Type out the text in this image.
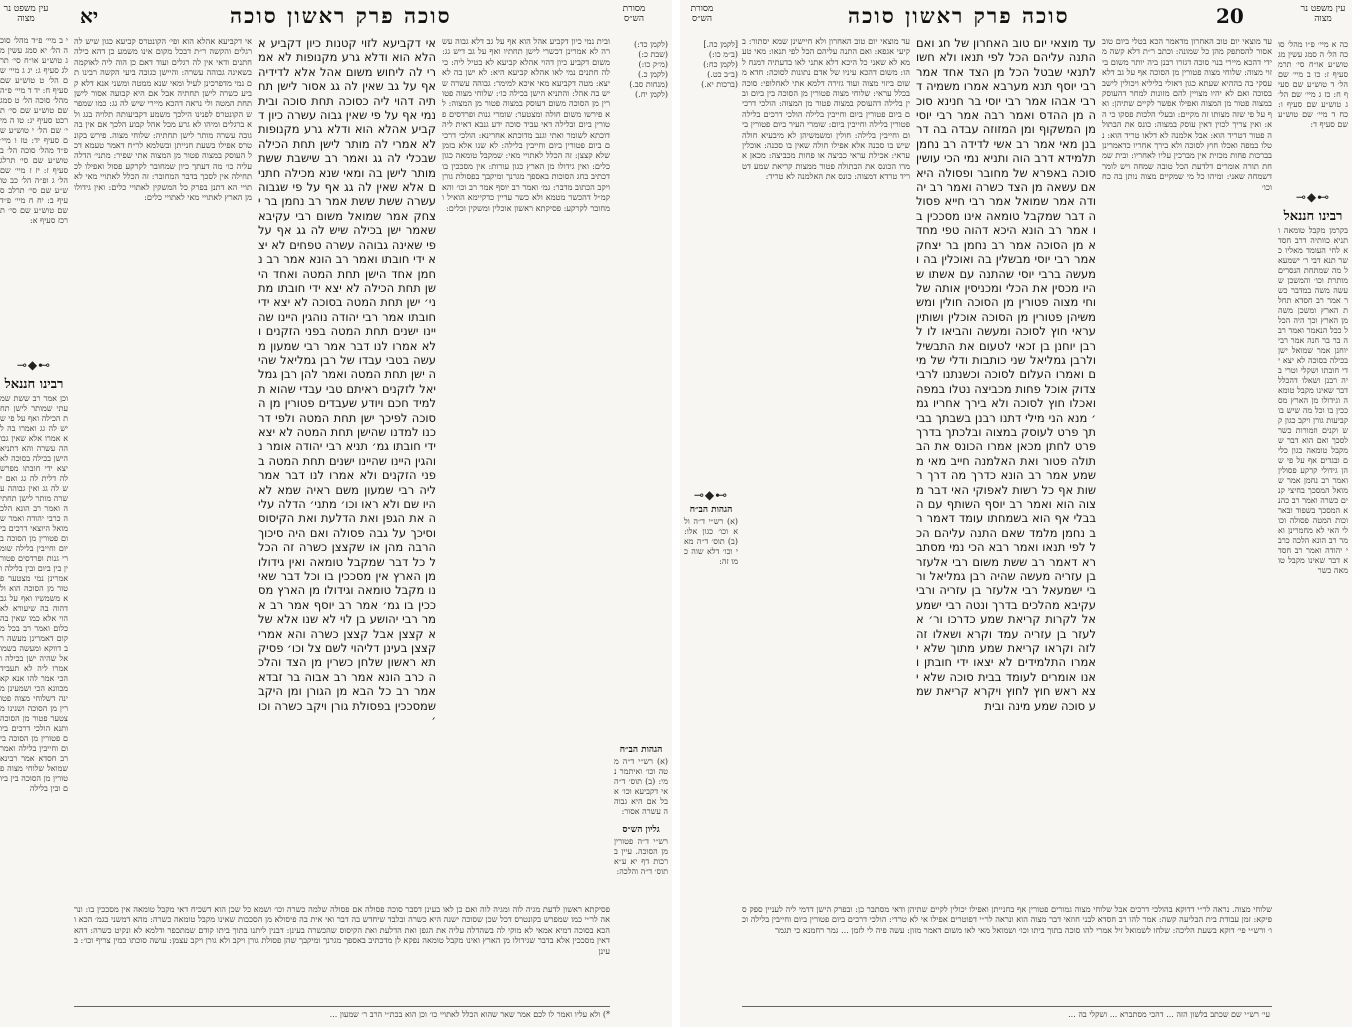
עין משפט נר מצוה	יא	סוכה פרק ראשון סוכה	מסורת הש״ס
י ב מיי׳ פ״ד מהל׳ סוכה הל׳ יא סמג עשין מג טוש״ע או״ח סי׳ תרלג סעיף ג: יג ג מיי׳ שם הל׳ ט טוש״ע שם סעיף ח: יד ד מיי׳ פ״ה מהל׳ סוכה הל׳ ט סמג שם טוש״ע שם סי׳ תרכט סעיף יג: טו ה מיי׳ שם הל׳ י טוש״ע שם סעיף יד: טז ו מיי׳ פ״ד מהל׳ סוכה הל׳ ב טוש״ע שם סי׳ תרלג סעיף ז: יז ז מיי׳ שם הל׳ ג ופ״ה הל׳ כב טוש״ע שם סי׳ תרלב סעיף ב: יח ח מיי׳ פ״ד שם טוש״ע שם סי׳ תרכז סעיף א:
⊸◆⊷
רבינו חננאל
וכן אמר רב ששת שמעתי שמותר לישן תחת הכילה ואף על פי שיש לה גג ואמרו בה לא אמרו אלא שאין גבוהה עשרה והא דתניא הישן בכילה בסוכה לא יצא ידי חובתו מפרש לה דלית לה גג ואם יש לה גג ואין גבוהה עשרה מותר לישן תחתיה ואמר רב הונא הלכה כרבי יהודה ואמר שמואל היוצאי דרכים ביום פטורין מן הסוכה ביום וחייבין בלילה שומרי גנות ופרדסים פטורין בין ביום ובין בלילה ואמרינן נמי מצטער פטור מן הסוכה הוא ולא משמשיו ואף על גב דהוה בה שיעורא לא הוי אלא כמו שאין בה כלום ואמר רב בכל מקום דאמרינן מעשה רב דווקא ומעשה בשמואל שהיה ישן בכילה ואמרו ליה לא תעביד הכי אמר להו אנא קא מכוונא הכי ושמעינן מינה דשלוחי מצוה פטורין מן הסוכה ושנינו מצטער פטור מן הסוכה ותנא הולכי דרכים ביום פטורין מן הסוכה ביום וחייבין בלילה ואמר רב חסדא אמר רבינא שמואל שלוחי מצוה פטורין מן הסוכה בין ביום ובין בלילה
אי דקביעא אהלא הוא ופי׳ הקונטרס קביעא כגון שיש לה רגלים והקשה ר״ת דבכל מקום אינו משמע כן דהא כילה חתנים ודאי אין לה רגלים ועוד דאם כן הוה ליה לאוקמה בשאינה גבוהה עשרה: והיישן כגובה ביעי הקשה רבינו תם נמי מדפרכינן לעיל ומאי שנא ממטה ומשני אנא דלא קביע כשרה לישן תחתיה אבל אם היא קבועה אסור לישן תחת המטה ולי נראה דהכא מיירי שיש לה גג: כמו שמפרש הקונטרס לפנינו הילכך משמע דקביעותה תלויה בגג ולא ברגלים ומיהו לא גרע מכל אהל קבוע הלכך אם אין בה גובה עשרה מותר לישן תחתיה: שלוחי מצוה. פירש בקונטרס אפילו בשעת חנייתן ובשלמא לר״ח דאמר טעמא דכל העוסק במצוה פטור מן המצוה אתי שפיר: מתני׳ הדלה עליה כו׳ מה דעתך כיון שמחובר לקרקע פסול ואפילו לכתחילה אין לסכך בדבר המחובר: זה הכלל לאתויי מאי לאתויי הא דתנן בפרק כל המשקין לאתויי כלים: ואין גידולו מן הארץ לאתויי מאי לאתויי כלים:
אי דקביעא לזוי קטנות כיון דקביע אהלא הוא ודלא גרע מקנופות לא אמרי לה ליחוש משום אהל אלא לדידיה אף על גב שאין לה גג אסור לישן תחתיה דהוי ליה כסוכה תחת סוכה ובית נמי אף על פי שאין גבוה עשרה כיון דקביע אהלא הוא ודלא גרע מקנופות לא אמרי לה מותר לישן תחת הכילה שבכלי לה גג ואמר רב שישבת ששת מותר לישן בה ומאי שנא מכילה חתנים אלא שאין לה גג אף על פי שגבוה עשרה ששת ששת אמר רב נחמן בר יצחק אמר שמואל משום רבי עקיבא שאמר ישן בכילה שיש לה גג אף על פי שאינה גבוהה עשרה טפחים לא יצא ידי חובתו ואמר רב הונא אמר רב נחמן אחד הישן תחת המטה ואחד הישן תחת הכילה לא יצא ידי חובתו מתני׳ ישן תחת המטה בסוכה לא יצא ידי חובתו אמר רבי יהודה נוהגין היינו שהיינו ישנים תחת המטה בפני הזקנים ולא אמרו לנו דבר אמר רבי שמעון מעשה בטבי עבדו של רבן גמליאל שהיה ישן תחת המטה ואמר להן רבן גמליאל לזקנים ראיתם טבי עבדי שהוא תלמיד חכם ויודע שעבדים פטורין מן הסוכה לפיכך ישן תחת המטה ולפי דרכנו למדנו שהישן תחת המטה לא יצא ידי חובתו גמ׳ תניא רבי יהודה אומר נוהגין היינו שהיינו ישנים תחת המטה בפני הזקנים ולא אמרו לנו דבר אמר ליה רבי שמעון משם ראיה שמא לא היו שם ולא ראו וכו׳ מתני׳ הדלה עליה את הגפן ואת הדלעת ואת הקיסוס וסיכך על גבה פסולה ואם היה סיכוך הרבה מהן או שקצצן כשרה זה הכלל כל דבר שמקבל טומאה ואין גידולו מן הארץ אין מסככין בו וכל דבר שאינו מקבל טומאה וגידולו מן הארץ מסככין בו גמ׳ אמר רב יוסף אמר רב אמר רבי יהושע בן לוי לא שנו אלא שלא קצצן אבל קצצן כשרה והא אמרי קצצן בעינן דליהוי לשם צל וכו׳ פסיקתא ראשון שלחן כשרין מן הצד והלכה כרב הונא אמר רב אבוה בר זבדא אמר רב כל הבא מן הגורן ומן היקב שמסככין בפסולת גורן ויקב כשרה וכו׳
ובית נמי כיון דקביע אהל הוא אף על גב דלא גבוה עשרה לא אמרינן דכשרי לישן תחתיו ואף על גב דיש גג: משום דקביע כיון דהוי אהלא קביעא לא בטיל ליה: כילה חתנים נמי לאו אהלא קביעא היא: לא ישן בה לא יצא: מטה דקביעא מאי איכא למימר: גבוהה עשרה שיש בה אהל: והתניא הישן בכילה כו׳: שלוחי מצוה פטורין מן הסוכה משום דעוסק במצוה פטור מן המצוה: לא פירשו משום חולה ומצטער: שומרי גנות ופרדסים פטורין ביום ובלילה דאי עביד סוכה ידע גנבא דאית ליה דוכתא לשומר ואתי וגנב מדוכתא אחרינא: הולכי דרכים ביום פטורין ביום וחייבין בלילה: לא שנו אלא בזמן שלא קצצן: זה הכלל לאתויי מאי: שמקבל טומאה כגון כלים: ואין גידולו מן הארץ כגון עורות: אין מסככין בו דכתיב בחג הסוכות באספך מגרנך ומיקבך בפסולת גורן ויקב הכתוב מדבר: גמ׳ ואמר רב יוסף אמר רב וכו׳ והא קמ״ל דהכשר מטמא ולא כשר עדיין כדקיימא הואיל ומחובר לקרקע: פסיקתא ראשון אוכלין ומשקין וכלים:
(לקמן כד:)
(שבת כ:)
(מ״ק כו:)
(לקמן כ.)
(מנחות סב.)
(לקמן יח.)
הגהות הב״ח
(א) רש״י ד״ה מטה וכו׳ ואיתמר נמי: (ב) תוס׳ ד״ה אי דקביעא וכו׳ אבל אם היא גבוהה עשרה אסור:
גליון הש״ס
רש״י ד״ה פטורין מן הסוכה. עיין ברכות דף יא ע״א תוס׳ ד״ה והלכה:
פסיקתא ראשון לדעת מגיה לוה ומגיה לוה ואם כן לאו בעינן דסבר סוכה פסולה אם פסולה שלמה כשרה וכו׳ ושמא כל שכן הוא דשכיח דאי מקבל טומאה אין מסככין בו: ונראה לר״י כמו שמפרש בקונטרס דכל שכן שסוכה ישנה היא כשרה ובלבד שיחדש בה דבר ואי אית בה פיסולא מן הסככות שאינו מקבל טומאה כשרה: מהא דמשני בגמ׳ הכא והכא בסוכה דמיא אמאי לא מוקי לה בשהדלה עליה את הגפן ואת הדלעת ואת הקיסוס שהכשרה בעינן: דבנין ליתנו בתוך ביתו קודם שמתכפר ודלמא לא ונקיט כשרה: דהא דאין מסככין אלא בדבר שגידולו מן הארץ ואינו מקבל טומאה נפקא לן מדכתיב באספך מגרנך ומיקבך שהן פסולת גורן ויקב ולא גורן ויקב עצמן: עושה סוכתו כמין צריף וכו׳: בעינן
*) ולא עליו ואמר לו לכם אמר שאר שהוא הכלל לאתויי כו׳ וכן הוא בכת״י הרב ר׳ שמעון ...
מסורת הש״ס	סוכה פרק ראשון סוכה	20	עין משפט נר מצוה
[לקמן כה.]
(ב״מ כו:)
(לקמן כח:)
(ב״ב כט.)
(ברכות יא.)
⊸◆⊷
הגהות הב״ח
(א) רש״י ד״ה ולא וכו׳ כגון אלו: (ב) תוס׳ ד״ה מאי וכו׳ דלא שוה כמו זה:
עד מוצאי יום טוב האחרון ולא חיישינן שמא יסתור: בקיעי אגפא: ואם התנה עליהם הכל לפי תנאו: מאי טעמא לא שאני כל היכא דלא אתני לאו בדעתיה דמנח להו: משום דהכא עיניו של אדם נתונות לסוכה: חדא משום ביזוי מצוה ועוד גזירה דלמא אתי לאחלופי: סוכה בכלל עראי: שלוחי מצוה פטורין מן הסוכה בין ביום ובין בלילה דהעוסק במצוה פטור מן המצוה: הולכי דרכים ביום פטורין ביום וחייבין בלילה הולכי דרכים בלילה פטורין בלילה וחייבין ביום: שומרי העיר ביום פטורין ביום וחייבין בלילה: חולין ומשמשיהן לא מיבעיא חולה שיש בו סכנה אלא אפילו חולה שאין בו סכנה: אוכלין עראי: אכילת עראי כביצה או פחות מכביצה: מכאן אמרו הכונס את הבתולה פטור ממצות קריאת שמע דטריד טרדא דמצוה: כונס את האלמנה לא טריד:
עד מוצאי יום טוב האחרון של חג ואם התנה עליהם הכל לפי תנאו ולא חשו לתנאי שבטל הכל מן הצד אחד אמר רבי יוסף תנא מערבא אמרו משמיה דרבי אבהו אמר רבי יוסי בר חנינא סוכה מן ההדס ואמר רבה אמר רבי יוסי מן המשקוף ומן המזוזה עבדה בה דרבנן מאי אמר רב אשי לדידה רב נחמן תלמידא דרב הוה ותניא נמי הכי עושין סוכה באפרא של מחובר ופסולה היא אם עשאה מן הצד כשרה ואמר רב יהודה אמר שמואל אמר רבי חייא פסולה דבר שמקבל טומאה אינו מסככין בו אמר רב הונא היכא דהוה טפי מחדא מן הסוכה אמר רב נחמן בר יצחק אמר רבי יוסי מבשלין בה ואוכלין בה ומעשה ברבי יוסי שהתנה עם אשתו שהיו מכסין את הכלי ומכניסין אותה שלוחי מצוה פטורין מן הסוכה חולין ומשמשיהן פטורין מן הסוכה אוכלין ושותין עראי חוץ לסוכה ומעשה והביאו לו לרבן יוחנן בן זכאי לטעום את התבשיל ולרבן גמליאל שני כותבות ודלי של מים ואמרו העלום לסוכה וכשנתנו לרבי צדוק אוכל פחות מכביצה נטלו במפה ואכלו חוץ לסוכה ולא בירך אחריו גמ׳ מנא הני מילי דתנו רבנן בשבתך בביתך פרט לעוסק במצוה ובלכתך בדרך פרט לחתן מכאן אמרו הכונס את הבתולה פטור ואת האלמנה חייב מאי משמע אמר רב הונא כדרך מה דרך רשות אף כל רשות לאפוקי האי דבר מצוה הוא ואמר רב יוסף השותף עם הבבלי אף הוא בשמחתו עומד דאמר רב נחמן מלמד שאם התנה עליהם הכל לפי תנאו ואמר רבא הכי נמי מסתברא דאמר רב ששת משום רבי אלעזר בן עזריה מעשה שהיה רבן גמליאל ורבי ישמעאל רבי אלעזר בן עזריה ורבי עקיבא מהלכים בדרך ונטה רבי ישמעאל לקרות קריאת שמע כדרכו ור׳ אלעזר בן עזריה עמד וקרא ושאלו זה לזה וקראו קריאת שמע מתוך שלא יאמרו התלמידים לא יצאו ידי חובתן ואנו אומרים לעומד בבית סוכה שלא יצא ראש חוץ לחוץ ויקרא קריאת שמע סוכה שמע מינה ובית
עד מוצאי יום טוב האחרון מדאמר הכא בטלי ביום טוב אסור להסתפק מהן כל שמונה: וכתב ר״ת דלא קשה מידי דהכא מיירי בנוי סוכה דגזרו רבנן ביה יותר משום ביזוי מצוה: שלוחי מצוה פטורין מן הסוכה אף על גב דלא עסקי בה בההיא שעתא כגון דאזלי בליליא ויכולין לישב בסוכה ואם לא יהיו מצויין להם מזונות למחר דהעוסק במצוה פטור מן המצוה ואפילו אפשר לקיים שתיהן: ואף על פי שזה מצותו זה מקיים: ובעלי הלכות פסקו כי הא: ואין צריך לכוין דאין עוסק במצוה: כונס את הבתולה פטור דטריד הוא: אבל אלמנה לא דלאו טריד הוא: נטלו במפה ואכלו חוץ לסוכה ולא בירך אחריו כדאמרינן בברכות פחות מכזית אין מברכין עליו לאחריו: ובית שמחת תורה אומרים דלדעת הכל טובה שמחה ויש לומר דשמחה שאני: ומיהו כל מי שמקיים מצוה נותן בה כח וכו׳
כה א מיי׳ פ״ו מהל׳ סוכה הל׳ ה סמג עשין מג טוש״ע או״ח סי׳ תרמ סעיף ז: כו ב מיי׳ שם הל׳ ד טוש״ע שם סעיף ח: כז ג מיי׳ שם הל׳ ג טוש״ע שם סעיף ו: כח ד מיי׳ שם טוש״ע שם סעיף ד:
⊸◆⊷
רבינו חננאל
בקרמן מקבל טומאה ותניא כוותיה דרב חסדא לחי העומד מאליו כשר תנא דבי ר׳ ישמעאל מה שמתחת הנסרים מותרת וכו׳ והמשכן שעשה משה במדבר כשר אמר רב חסדא תחלת הארץ ומשכן משה מן הארץ וכך היה הכלל ככל הנאמר ואמר רבה בר בר חנה אמר רבי יוחנן אמר שמואל ישן בכילה בסוכה לא יצא ידי חובתו ושקלי וטרי ביה רבנן ושאלו דהכלל דבר שאינו מקבל טומאה וגידולו מן הארץ מסככין בו וכל מה שיש בו קביעות גורן ויקב כגון קש וקנים וזמורות כשר לסכך ואם הוא דבר שמקבל טומאה כגון כלים ובגדים אף על פי שהן גידולי קרקע פסולין ואמר רב נחמן אמר שמואל המסכך בחיצי קנים כשרה ואמר רב כהנא המסכך בשפוד ובארוכות המטה פסולה וכולי האי לא מחמרינן ואמר רב הונא הלכה כרבי יהודה ואמר רב חסדא דבר שאינו מקבל טומאה כשר
שלוחי מצוה. נראה לר״י דדוקא בהולכי דרכים אבל שלוחי מצוה גמורים פטורין אף בחנייתן ואפילו יכולין לקיים שתיהן ודאי מסתבר כן: ובפרק הישן דדמי ליה לעניין ספק ספיקא: זמן עבודת בית הבליעה קשה: אמר להו רב חסדא לבני חוזאי דבר מצוה הוא ונראה לר״י דפוטרים אפילו אי לא טרדי: הולכי דרכים ביום פטורין ביום וחייבין בלילה וכו׳ ורש״י פי׳ דוקא בשעת הליכה: שלחו לשמואל זיל אמרי להו סוכה בתוך ביתו וכו׳ ושמואל מאי לאו משום דאמר מזון: עשה פיה לי לזמן ... גמר רחמנא כי תגמר
עי׳ רש״י שם שכתב בלשון הזה ... דהכי מסתברא ... ושקלי בה ...
